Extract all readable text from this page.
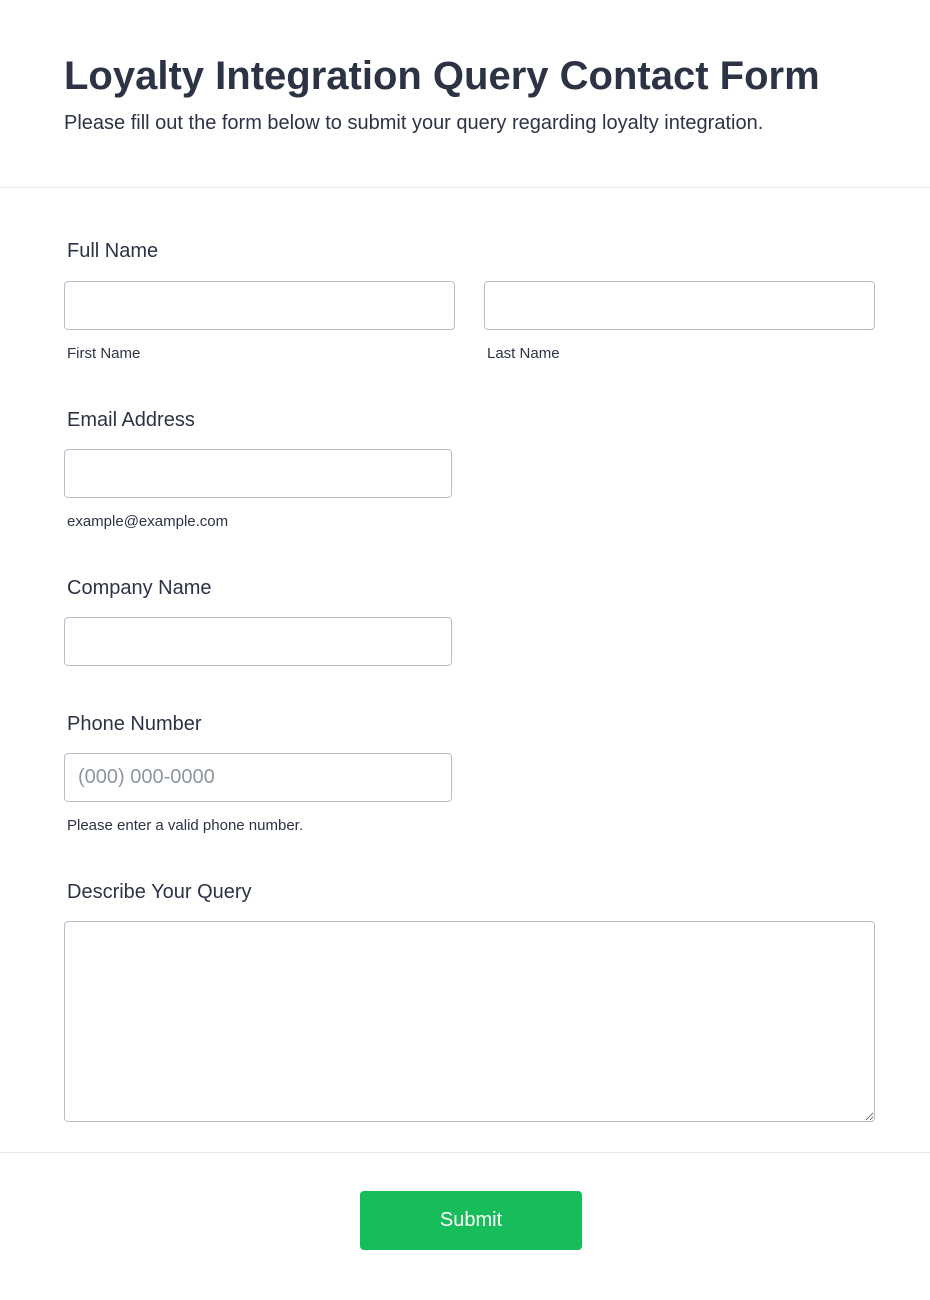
Loyalty Integration Query Contact Form

Please fill out the form below to submit your query regarding loyalty integration.

Full Name
First Name	Last Name
Email Address
example@example.com
Company Name
Phone Number
(000) 000-0000
Please enter a valid phone number.
Describe Your Query
Submit
